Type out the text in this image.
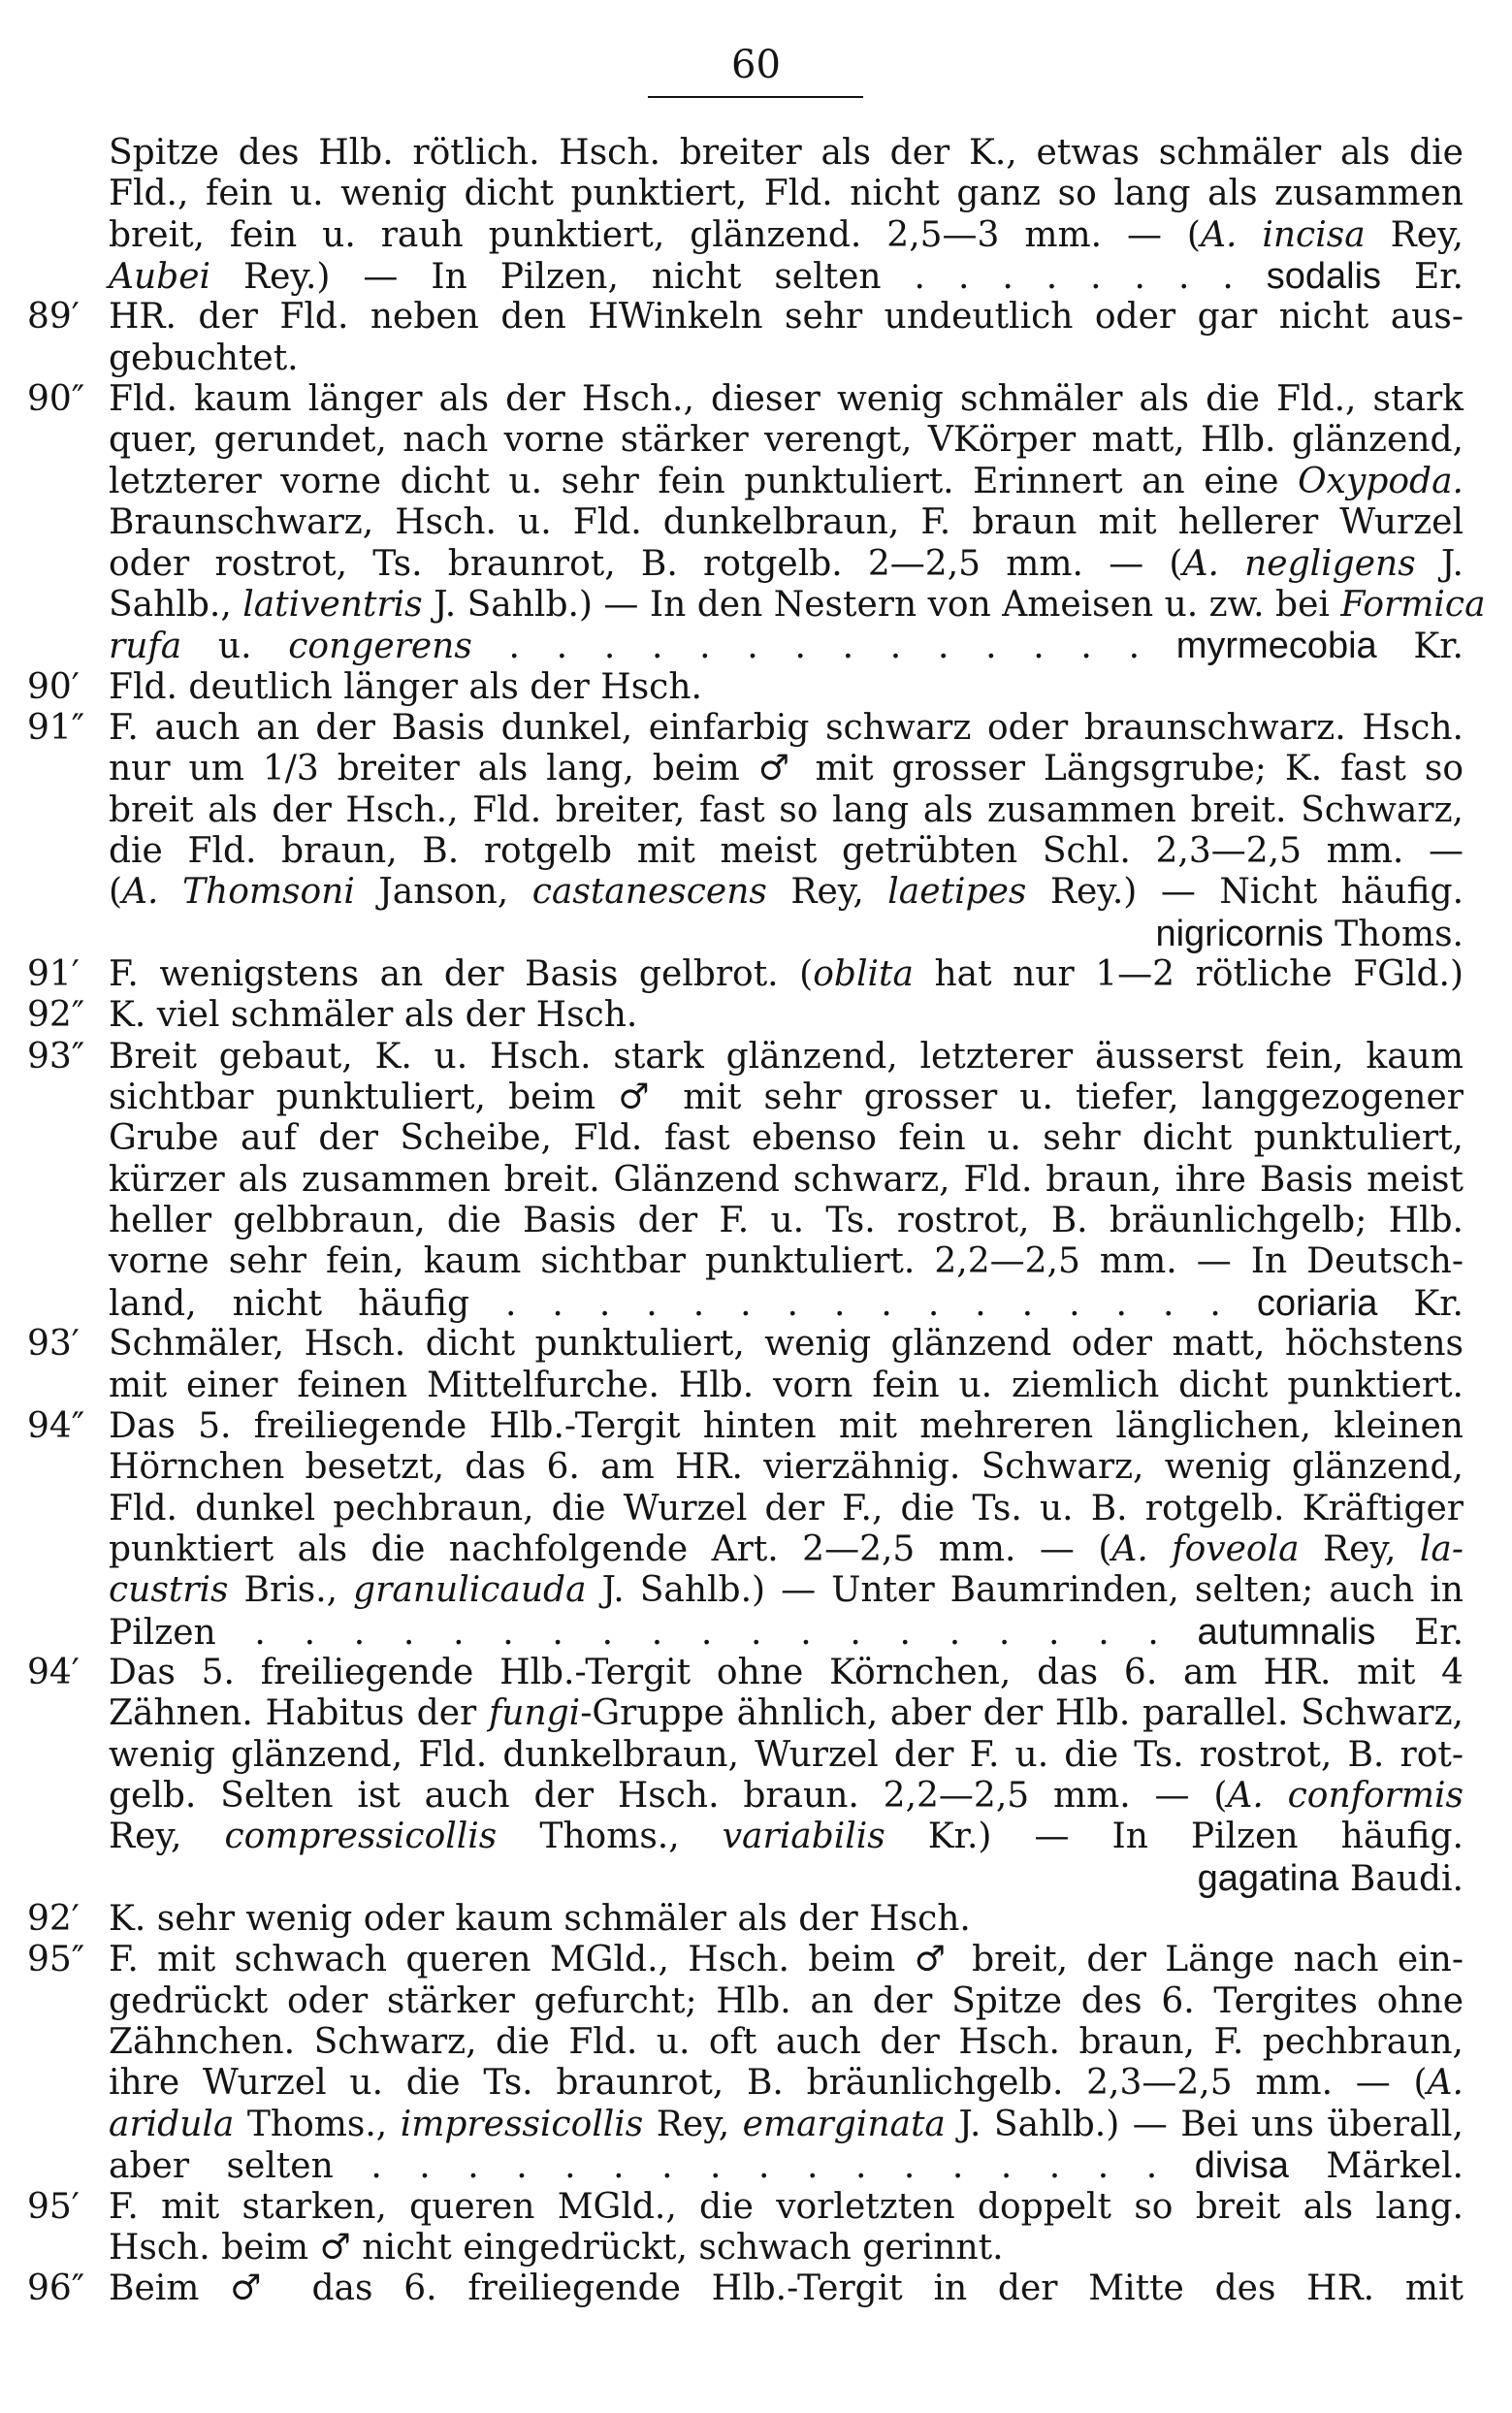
60
Spitze des Hlb. rötlich. Hsch. breiter als der K., etwas schmäler als die
Fld., fein u. wenig dicht punktiert, Fld. nicht ganz so lang als zusammen
breit, fein u. rauh punktiert, glänzend. 2,5—3 mm. — (A. incisa Rey,
Aubei Rey.) — In Pilzen, nicht selten . . . . . . . . sodalis Er.
89′ HR. der Fld. neben den HWinkeln sehr undeutlich oder gar nicht aus-
gebuchtet.
90″ Fld. kaum länger als der Hsch., dieser wenig schmäler als die Fld., stark
quer, gerundet, nach vorne stärker verengt, VKörper matt, Hlb. glänzend,
letzterer vorne dicht u. sehr fein punktuliert. Erinnert an eine Oxypoda.
Braunschwarz, Hsch. u. Fld. dunkelbraun, F. braun mit hellerer Wurzel
oder rostrot, Ts. braunrot, B. rotgelb. 2—2,5 mm. — (A. negligens J.
Sahlb., lativentris J. Sahlb.) — In den Nestern von Ameisen u. zw. bei Formica
rufa u. congerens . . . . . . . . . . . . . . myrmecobia Kr.
90′ Fld. deutlich länger als der Hsch.
91″ F. auch an der Basis dunkel, einfarbig schwarz oder braunschwarz. Hsch.
nur um 1/3 breiter als lang, beim ♂ mit grosser Längsgrube; K. fast so
breit als der Hsch., Fld. breiter, fast so lang als zusammen breit. Schwarz,
die Fld. braun, B. rotgelb mit meist getrübten Schl. 2,3—2,5 mm. —
(A. Thomsoni Janson, castanescens Rey, laetipes Rey.) — Nicht häufig.
nigricornis Thoms.
91′ F. wenigstens an der Basis gelbrot. (oblita hat nur 1—2 rötliche FGld.)
92″ K. viel schmäler als der Hsch.
93″ Breit gebaut, K. u. Hsch. stark glänzend, letzterer äusserst fein, kaum
sichtbar punktuliert, beim ♂ mit sehr grosser u. tiefer, langgezogener
Grube auf der Scheibe, Fld. fast ebenso fein u. sehr dicht punktuliert,
kürzer als zusammen breit. Glänzend schwarz, Fld. braun, ihre Basis meist
heller gelbbraun, die Basis der F. u. Ts. rostrot, B. bräunlichgelb; Hlb.
vorne sehr fein, kaum sichtbar punktuliert. 2,2—2,5 mm. — In Deutsch-
land, nicht häufig . . . . . . . . . . . . . . . . coriaria Kr.
93′ Schmäler, Hsch. dicht punktuliert, wenig glänzend oder matt, höchstens
mit einer feinen Mittelfurche. Hlb. vorn fein u. ziemlich dicht punktiert.
94″ Das 5. freiliegende Hlb.-Tergit hinten mit mehreren länglichen, kleinen
Hörnchen besetzt, das 6. am HR. vierzähnig. Schwarz, wenig glänzend,
Fld. dunkel pechbraun, die Wurzel der F., die Ts. u. B. rotgelb. Kräftiger
punktiert als die nachfolgende Art. 2—2,5 mm. — (A. foveola Rey, la-
custris Bris., granulicauda J. Sahlb.) — Unter Baumrinden, selten; auch in
Pilzen . . . . . . . . . . . . . . . . . . . autumnalis Er.
94′ Das 5. freiliegende Hlb.-Tergit ohne Körnchen, das 6. am HR. mit 4
Zähnen. Habitus der fungi-Gruppe ähnlich, aber der Hlb. parallel. Schwarz,
wenig glänzend, Fld. dunkelbraun, Wurzel der F. u. die Ts. rostrot, B. rot-
gelb. Selten ist auch der Hsch. braun. 2,2—2,5 mm. — (A. conformis
Rey, compressicollis Thoms., variabilis Kr.) — In Pilzen häufig.
gagatina Baudi.
92′ K. sehr wenig oder kaum schmäler als der Hsch.
95″ F. mit schwach queren MGld., Hsch. beim ♂ breit, der Länge nach ein-
gedrückt oder stärker gefurcht; Hlb. an der Spitze des 6. Tergites ohne
Zähnchen. Schwarz, die Fld. u. oft auch der Hsch. braun, F. pechbraun,
ihre Wurzel u. die Ts. braunrot, B. bräunlichgelb. 2,3—2,5 mm. — (A.
aridula Thoms., impressicollis Rey, emarginata J. Sahlb.) — Bei uns überall,
aber selten . . . . . . . . . . . . . . . . . divisa Märkel.
95′ F. mit starken, queren MGld., die vorletzten doppelt so breit als lang.
Hsch. beim ♂ nicht eingedrückt, schwach gerinnt.
96″ Beim ♂ das 6. freiliegende Hlb.-Tergit in der Mitte des HR. mit
